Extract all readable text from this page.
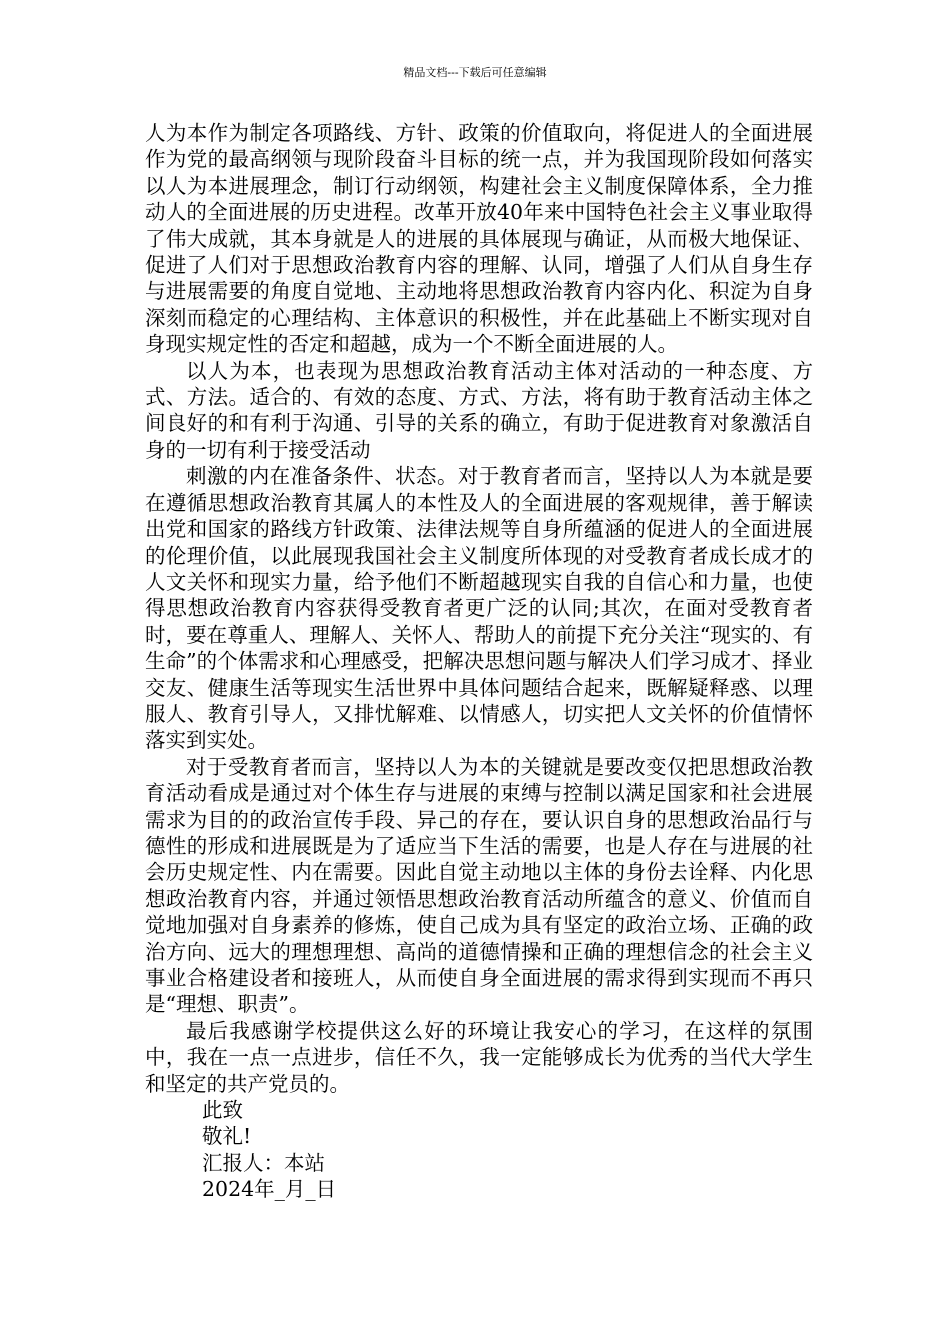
精品文档---下载后可任意编辑

人为本作为制定各项路线、方针、政策的价值取向，将促进人的全面进展作为党的最高纲领与现阶段奋斗目标的统一点，并为我国现阶段如何落实以人为本进展理念，制订行动纲领，构建社会主义制度保障体系，全力推动人的全面进展的历史进程。改革开放40年来中国特色社会主义事业取得了伟大成就，其本身就是人的进展的具体展现与确证，从而极大地保证、促进了人们对于思想政治教育内容的理解、认同，增强了人们从自身生存与进展需要的角度自觉地、主动地将思想政治教育内容内化、积淀为自身深刻而稳定的心理结构、主体意识的积极性，并在此基础上不断实现对自身现实规定性的否定和超越，成为一个不断全面进展的人。

以人为本，也表现为思想政治教育活动主体对活动的一种态度、方式、方法。适合的、有效的态度、方式、方法，将有助于教育活动主体之间良好的和有利于沟通、引导的关系的确立，有助于促进教育对象激活自身的一切有利于接受活动

刺激的内在准备条件、状态。对于教育者而言，坚持以人为本就是要在遵循思想政治教育其属人的本性及人的全面进展的客观规律，善于解读出党和国家的路线方针政策、法律法规等自身所蕴涵的促进人的全面进展的伦理价值，以此展现我国社会主义制度所体现的对受教育者成长成才的人文关怀和现实力量，给予他们不断超越现实自我的自信心和力量，也使得思想政治教育内容获得受教育者更广泛的认同;其次，在面对受教育者时，要在尊重人、理解人、关怀人、帮助人的前提下充分关注“现实的、有生命”的个体需求和心理感受，把解决思想问题与解决人们学习成才、择业交友、健康生活等现实生活世界中具体问题结合起来，既解疑释惑、以理服人、教育引导人，又排忧解难、以情感人，切实把人文关怀的价值情怀落实到实处。

对于受教育者而言，坚持以人为本的关键就是要改变仅把思想政治教育活动看成是通过对个体生存与进展的束缚与控制以满足国家和社会进展需求为目的的政治宣传手段、异己的存在，要认识自身的思想政治品行与德性的形成和进展既是为了适应当下生活的需要，也是人存在与进展的社会历史规定性、内在需要。因此自觉主动地以主体的身份去诠释、内化思想政治教育内容，并通过领悟思想政治教育活动所蕴含的意义、价值而自觉地加强对自身素养的修炼，使自己成为具有坚定的政治立场、正确的政治方向、远大的理想理想、高尚的道德情操和正确的理想信念的社会主义事业合格建设者和接班人，从而使自身全面进展的需求得到实现而不再只是“理想、职责”。

最后我感谢学校提供这么好的环境让我安心的学习，在这样的氛围中，我在一点一点进步，信任不久，我一定能够成长为优秀的当代大学生和坚定的共产党员的。

此致

敬礼!

汇报人：本站

2024年_月_日
